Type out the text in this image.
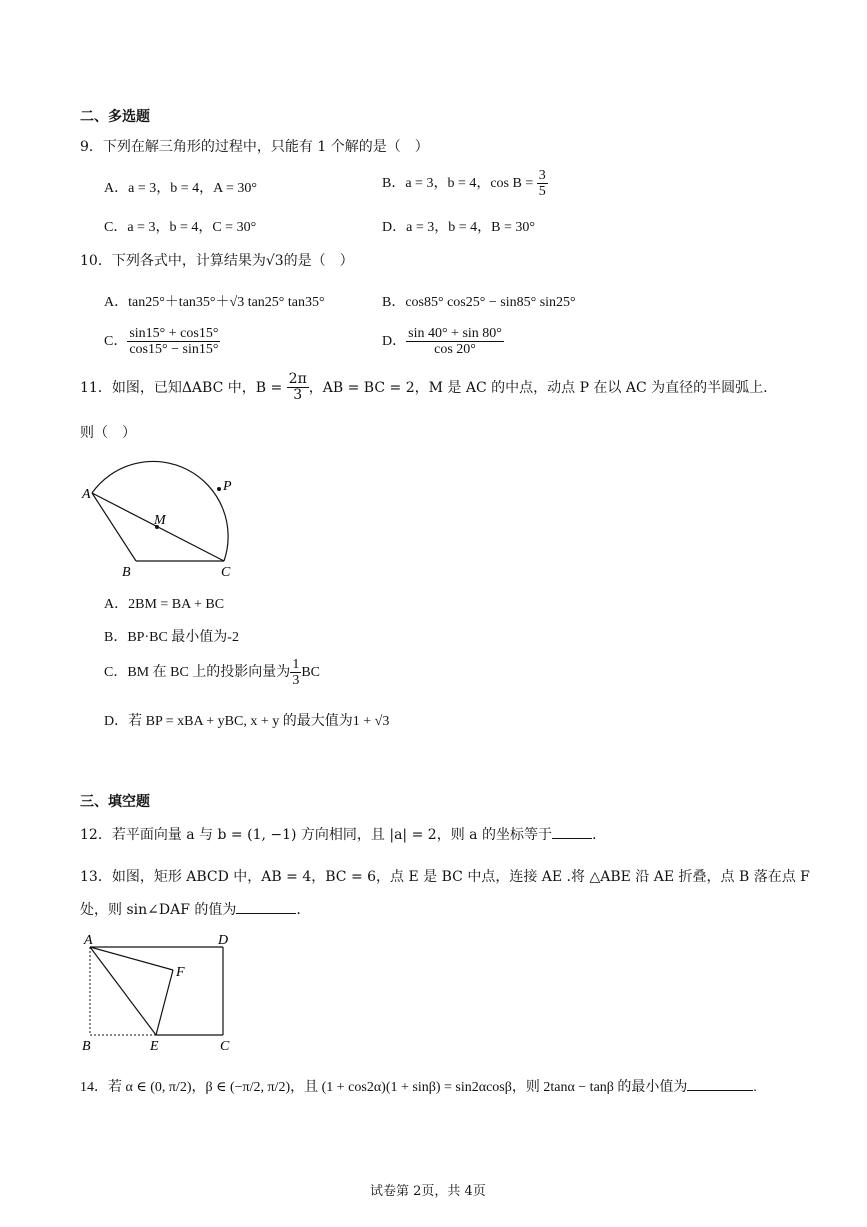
二、多选题
9．下列在解三角形的过程中，只能有 1 个解的是（　）
A．a = 3，b = 4，A = 30°	B．a = 3，b = 4，$\cos B = \frac{3}{5}$
C．a = 3，b = 4，C = 30°	D．a = 3，b = 4，B = 30°
10．下列各式中，计算结果为√3的是（　）
A．tan25°＋tan35°＋√3 tan25° tan35°	B．cos85° cos25° − sin85° sin25°
C． $\frac{\sin 15^\circ + \cos 15^\circ}{\cos 15^\circ - \sin 15^\circ}$	D． $\frac{\sin 40^\circ + \sin 80^\circ}{\cos 20^\circ}$
11．如图，已知ΔABC 中，$B = \frac{2\pi}{3}$ ，AB = BC = 2，M 是 AC 的中点，动点 P 在以 AC 为直径的半圆弧上.
则（　）
A
B	C
M
P
A．2BM = BA + BC
B．BP·BC 最小值为-2
C．BM 在 BC 上的投影向量为 $\frac{1}{3}$ BC
D．若 BP = xBA + yBC, x + y 的最大值为1 + √3
三、填空题
12．若平面向量 a 与 b = (1, −1) 方向相同，且 |a| = 2，则 a 的坐标等于	.
13．如图，矩形 ABCD 中，AB = 4，BC = 6，点 E 是 BC 中点，连接 AE .将 △ABE 沿 AE 折叠，点 B 落在点 F
处，则 sin∠DAF 的值为	.
A	D
F
B	E	C
14．若 α ∈ (0, π/2)，β ∈ (−π/2, π/2)，且 (1 + cos2α)(1 + sinβ) = sin2αcosβ，则 2tanα − tanβ 的最小值为	.
试卷第 2页，共 4页
